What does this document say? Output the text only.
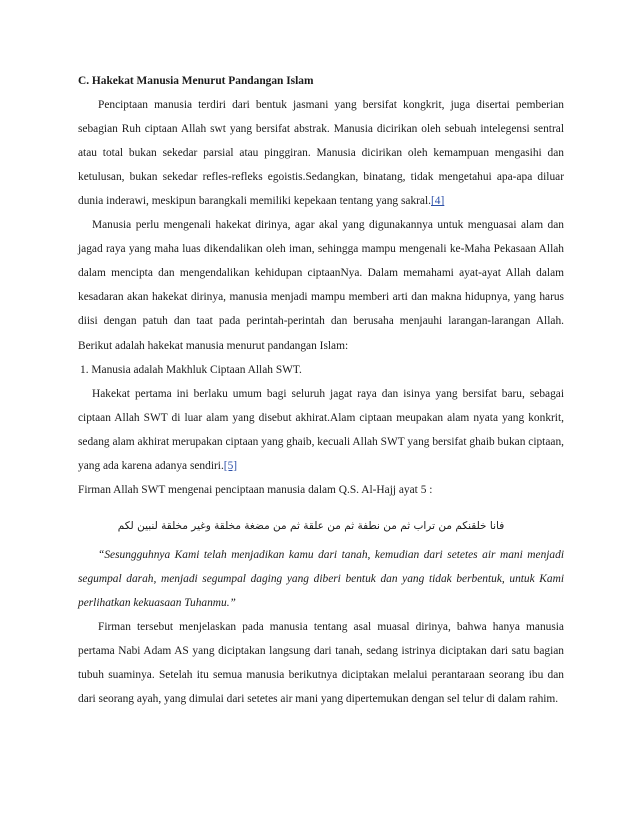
C. Hakekat Manusia Menurut Pandangan Islam

Penciptaan manusia terdiri dari bentuk jasmani yang bersifat kongkrit, juga disertai pemberian sebagian Ruh ciptaan Allah swt yang bersifat abstrak. Manusia dicirikan oleh sebuah intelegensi sentral atau total bukan sekedar parsial atau pinggiran. Manusia dicirikan oleh kemampuan mengasihi dan ketulusan, bukan sekedar refles-refleks egoistis.Sedangkan, binatang, tidak mengetahui apa-apa diluar dunia inderawi, meskipun barangkali memiliki kepekaan tentang yang sakral.[4]

Manusia perlu mengenali hakekat dirinya, agar akal yang digunakannya untuk menguasai alam dan jagad raya yang maha luas dikendalikan oleh iman, sehingga mampu mengenali ke-Maha Pekasaan Allah dalam mencipta dan mengendalikan kehidupan ciptaanNya. Dalam memahami ayat-ayat Allah dalam kesadaran akan hakekat dirinya, manusia menjadi mampu memberi arti dan makna hidupnya, yang harus diisi dengan patuh dan taat pada perintah-perintah dan berusaha menjauhi larangan-larangan Allah. Berikut adalah hakekat manusia menurut pandangan Islam:

1. Manusia adalah Makhluk Ciptaan Allah SWT.

Hakekat pertama ini berlaku umum bagi seluruh jagat raya dan isinya yang bersifat baru, sebagai ciptaan Allah SWT di luar alam yang disebut akhirat.Alam ciptaan meupakan alam nyata yang konkrit, sedang alam akhirat merupakan ciptaan yang ghaib, kecuali Allah SWT yang bersifat ghaib bukan ciptaan, yang ada karena adanya sendiri.[5]

Firman Allah SWT mengenai penciptaan manusia dalam Q.S. Al-Hajj ayat 5 :

فانا خلقنكم من تراب ثم من نطفة ثم من علقة ثم من مضغة مخلقة وغير مخلقة لنبين لكم

“Sesungguhnya Kami telah menjadikan kamu dari tanah, kemudian dari setetes air mani menjadi segumpal darah, menjadi segumpal daging yang diberi bentuk dan yang tidak berbentuk, untuk Kami perlihatkan kekuasaan Tuhanmu.”

Firman tersebut menjelaskan pada manusia tentang asal muasal dirinya, bahwa hanya manusia pertama Nabi Adam AS yang diciptakan langsung dari tanah, sedang istrinya diciptakan dari satu bagian tubuh suaminya. Setelah itu semua manusia berikutnya diciptakan melalui perantaraan seorang ibu dan dari seorang ayah, yang dimulai dari setetes air mani yang dipertemukan dengan sel telur di dalam rahim.
